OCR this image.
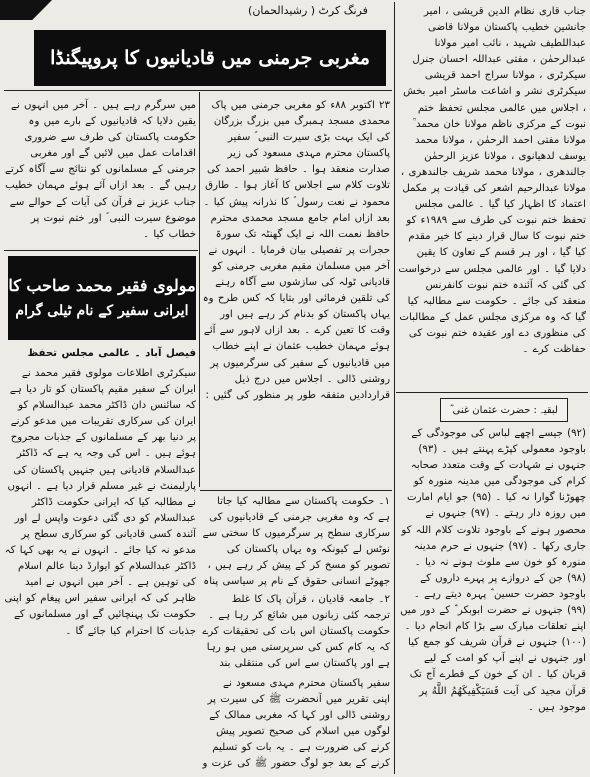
فرنگ کرٹ ( رشیدالحمان)
مغربی جرمنی میں قادیانیوں کا پروپیگنڈا
۲۳ اکتوبر ۸۸ء کو مغربی جرمنی میں پاک محمدی مسجد ہمبرگ میں بزرگ بزرگان کی ایک بہت بڑی سیرت النبی ؐ سفیر پاکستان محترم مہدی مسعود کی زیر صدارت منعقد ہوا ۔ حافظ شبیر احمد کی تلاوت کلام سے اجلاس کا آغاز ہوا ۔ طارق محمود نے نعت رسول ؐ کا نذرانہ پیش کیا ۔ بعد ازاں امام جامع مسجد محمدی محترم حافظ نعمت اللہ نے ایک گھنٹہ تک سورۃ حجرات پر تفصیلی بیان فرمایا ۔ انہوں نے آخر میں مسلمان مقیم مغربی جرمنی کو قادیانی ٹولہ کی سازشوں سے آگاہ رہنے کی تلقین فرمائی اور بتایا کہ کس طرح وہ یہاں پاکستان کو بدنام کر رہے ہیں اور وقت کا تعین کرے ۔ بعد ازاں لاہور سے آئے ہوئے مہمان خطیب عثمان نے اپنے خطاب میں قادیانیوں کے سفیر کی سرگرمیوں پر روشنی ڈالی ۔ اجلاس میں درج ذیل قراردادیں متفقہ طور پر منظور کی گئیں :
میں سرگرم رہے ہیں ۔ آخر میں انہوں نے یقین دلایا کہ قادیانیوں کے بارے میں وہ حکومت پاکستان کی طرف سے ضروری اقدامات عمل میں لائیں گے اور مغربی جرمنی کے مسلمانوں کو نتائج سے آگاہ کرتے رہیں گے ۔ بعد ازاں آئے ہوئے مہمان خطیب جناب عزیز نے قرآن کی آیات کے حوالے سے موضوع سیرت النبی ؐ اور ختم نبوت پر خطاب کیا ۔
مولوی فقیر محمد صاحب کا
ایرانی سفیر کے نام ٹیلی گرام
فیصل آباد ۔ عالمی مجلس تحفظ
سیکرٹری اطلاعات مولوی فقیر محمد نے ایران کے سفیر مقیم پاکستان کو تار دیا ہے کہ سائنس دان ڈاکٹر محمد عبدالسلام کو ایران کی سرکاری تقریبات میں مدعو کرنے پر دنیا بھر کے مسلمانوں کے جذبات مجروح ہوئے ہیں ۔ اس کی وجہ یہ ہے کہ ڈاکٹر عبدالسلام قادیانی ہیں جنہیں پاکستان کی پارلیمنٹ نے غیر مسلم قرار دیا ہے ۔ انہوں نے مطالبہ کیا کہ ایرانی حکومت ڈاکٹر عبدالسلام کو دی گئی دعوت واپس لے اور آئندہ کسی قادیانی کو سرکاری سطح پر مدعو نہ کیا جائے ۔ انہوں نے یہ بھی کہا کہ ڈاکٹر عبدالسلام کو ایوارڈ دینا عالم اسلام کی توہین ہے ۔ آخر میں انہوں نے امید ظاہر کی کہ ایرانی سفیر اس پیغام کو اپنی حکومت تک پہنچائیں گے اور مسلمانوں کے جذبات کا احترام کیا جائے گا ۔
۱۔ حکومت پاکستان سے مطالبہ کیا جاتا ہے کہ وہ مغربی جرمنی کے قادیانیوں کی سرکاری سطح پر سرگرمیوں کا سختی سے نوٹس لے کیونکہ وہ یہاں پاکستان کی تصویر کو مسخ کر کے پیش کر رہے ہیں ، جھوٹے انسانی حقوق کے نام پر سیاسی پناہ
۲۔ جامعہ قادیان ، قرآن پاک کا غلط ترجمہ کئی زبانوں میں شائع کر رہا ہے ۔ حکومت پاکستان اس بات کی تحقیقات کرے کہ یہ کام کس کی سرپرستی میں ہو رہا ہے اور پاکستان سے اس کی منتقلی بند
سفیر پاکستان محترم مہدی مسعود نے اپنی تقریر میں آنحضرت ﷺ کی سیرت پر روشنی ڈالی اور کہا کہ مغربی ممالک کے لوگوں میں اسلام کی صحیح تصویر پیش کرنے کی ضرورت ہے ۔ یہ بات کو تسلیم کرنے کے بعد جو لوگ حضور ﷺ کی عزت و
جناب قاری نظام الدین قریشی ، امیر جانشین خطیب پاکستان مولانا قاضی عبداللطیف شہید ، نائب امیر مولانا عبدالرحمٰن ، مفتی عبداللہ احسان جنرل سیکرٹری ، مولانا سراج احمد قریشی سیکرٹری نشر و اشاعت ماسٹر امیر بخش ، اجلاس میں عالمی مجلس تحفظ ختم نبوت کے مرکزی ناظم مولانا خان محمد ؒ مولانا مفتی احمد الرحمٰن ، مولانا محمد یوسف لدھیانوی ، مولانا عزیز الرحمٰن جالندھری ، مولانا محمد شریف جالندھری ، مولانا عبدالرحیم اشعر کی قیادت پر مکمل اعتماد کا اظہار کیا گیا ۔ عالمی مجلس تحفظ ختم نبوت کی طرف سے ۱۹۸۹ء کو ختم نبوت کا سال قرار دینے کا خیر مقدم کیا گیا ، اور ہر قسم کے تعاون کا یقین دلایا گیا ۔ اور عالمی مجلس سے درخواست کی گئی کہ آئندہ ختم نبوت کانفرنس منعقد کی جائے ۔ حکومت سے مطالبہ کیا گیا کہ وہ مرکزی مجلس عمل کے مطالبات کی منظوری دے اور عقیدہ ختم نبوت کی حفاظت کرے ۔
لبقیہ : حضرت عثمان غنی ؓ
(۹۲) جیسے اچھے لباس کی موجودگی کے باوجود معمولی کپڑے پہنتے ہیں ۔ (۹۳) جنہوں نے شہادت کے وقت متعدد صحابہ کرام کی موجودگی میں مدینہ منورہ کو چھوڑنا گوارا نہ کیا ۔ (۹۵) جو ایام امارت میں روزہ دار رہتے ۔ (۹۷) جنہوں نے محصور ہونے کے باوجود تلاوت کلام اللہ کو جاری رکھا ۔ (۹۷) جنہوں نے حرم مدینہ منورہ کو خون سے ملوث ہونے نہ دیا ۔ (۹۸) جن کے دروازے پر پہرے داروں کے باوجود حضرت حسین ؓ پہرہ دیتے رہے ۔ (۹۹) جنہوں نے حضرت ابوبکر ؓ کے دور میں اپنے تعلقات مبارک سے بڑا کام انجام دیا ۔ (۱۰۰) جنہوں نے قرآن شریف کو جمع کیا اور جنہوں نے اپنے آپ کو امت کے لیے قربان کیا ۔ ان کے خون کے قطرے آج تک قرآن مجید کی آیت فَسَيَكْفِيكَهُمُ اللَّهُ پر موجود ہیں ۔
